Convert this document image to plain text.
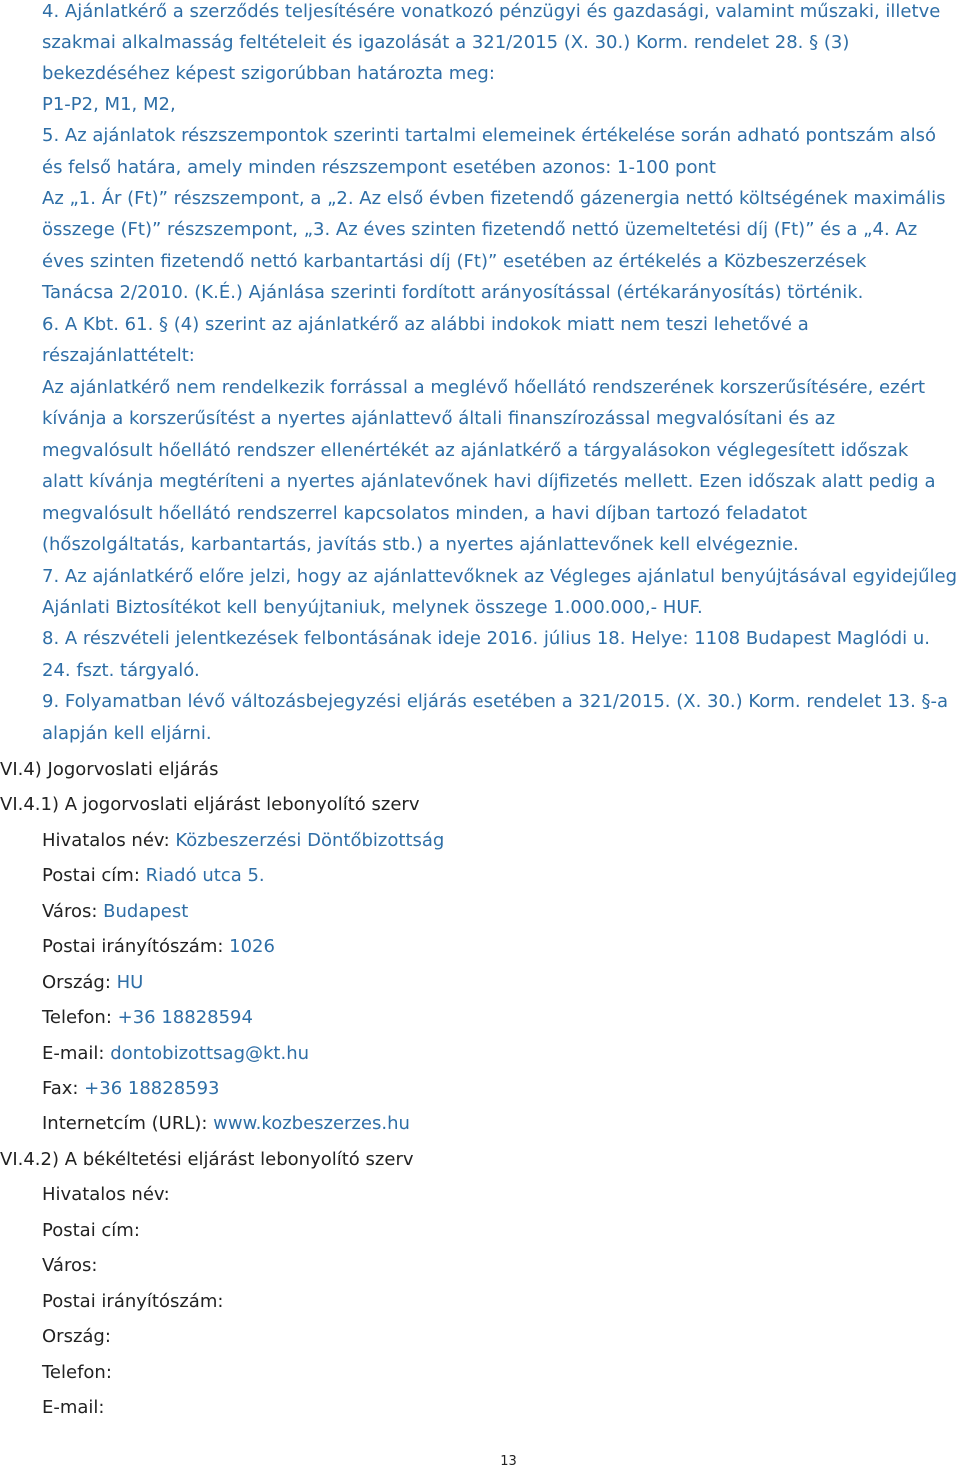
4. Ajánlatkérő a szerződés teljesítésére vonatkozó pénzügyi és gazdasági, valamint műszaki, illetve
szakmai alkalmasság feltételeit és igazolását a 321/2015 (X. 30.) Korm. rendelet 28. § (3)
bekezdéséhez képest szigorúbban határozta meg:
P1-P2, M1, M2,
5. Az ajánlatok részszempontok szerinti tartalmi elemeinek értékelése során adható pontszám alsó
és felső határa, amely minden részszempont esetében azonos: 1-100 pont
Az „1. Ár (Ft)” részszempont, a „2. Az első évben fizetendő gázenergia nettó költségének maximális
összege (Ft)” részszempont, „3. Az éves szinten fizetendő nettó üzemeltetési díj (Ft)” és a „4. Az
éves szinten fizetendő nettó karbantartási díj (Ft)” esetében az értékelés a Közbeszerzések
Tanácsa 2/2010. (K.É.) Ajánlása szerinti fordított arányosítással (értékarányosítás) történik.
6. A Kbt. 61. § (4) szerint az ajánlatkérő az alábbi indokok miatt nem teszi lehetővé a
részajánlattételt:
Az ajánlatkérő nem rendelkezik forrással a meglévő hőellátó rendszerének korszerűsítésére, ezért
kívánja a korszerűsítést a nyertes ajánlattevő általi finanszírozással megvalósítani és az
megvalósult hőellátó rendszer ellenértékét az ajánlatkérő a tárgyalásokon véglegesített időszak
alatt kívánja megtéríteni a nyertes ajánlatevőnek havi díjfizetés mellett. Ezen időszak alatt pedig a
megvalósult hőellátó rendszerrel kapcsolatos minden, a havi díjban tartozó feladatot
(hőszolgáltatás, karbantartás, javítás stb.) a nyertes ajánlattevőnek kell elvégeznie.
7. Az ajánlatkérő előre jelzi, hogy az ajánlattevőknek az Végleges ajánlatul benyújtásával egyidejűleg
Ajánlati Biztosítékot kell benyújtaniuk, melynek összege 1.000.000,- HUF.
8. A részvételi jelentkezések felbontásának ideje 2016. július 18. Helye: 1108 Budapest Maglódi u.
24. fszt. tárgyaló.
9. Folyamatban lévő változásbejegyzési eljárás esetében a 321/2015. (X. 30.) Korm. rendelet 13. §-a
alapján kell eljárni.
VI.4) Jogorvoslati eljárás
VI.4.1) A jogorvoslati eljárást lebonyolító szerv
Hivatalos név: Közbeszerzési Döntőbizottság
Postai cím: Riadó utca 5.
Város: Budapest
Postai irányítószám: 1026
Ország: HU
Telefon: +36 18828594
E-mail: dontobizottsag@kt.hu
Fax: +36 18828593
Internetcím (URL): www.kozbeszerzes.hu
VI.4.2) A békéltetési eljárást lebonyolító szerv
Hivatalos név:
Postai cím:
Város:
Postai irányítószám:
Ország:
Telefon:
E-mail:
13
